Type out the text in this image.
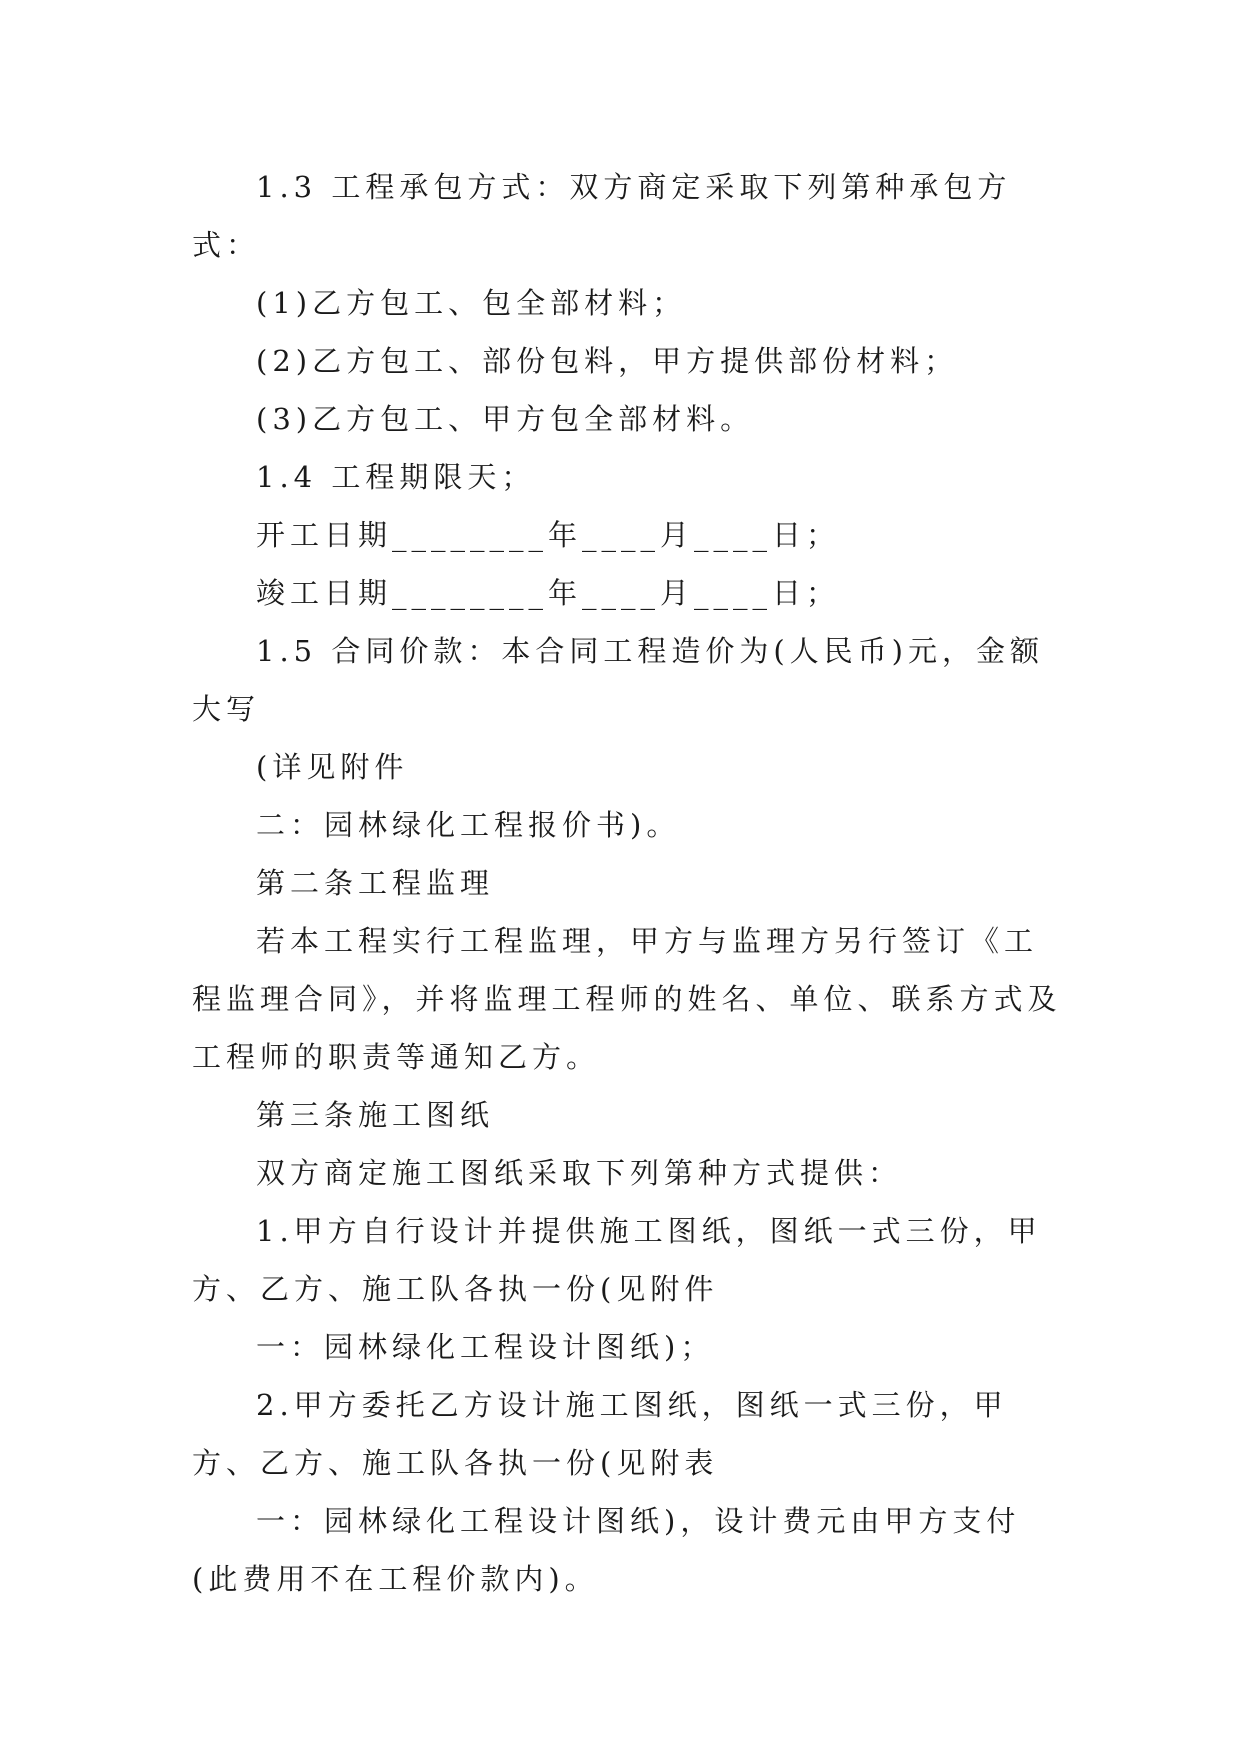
1.3 工程承包方式：双方商定采取下列第种承包方式：

(1)乙方包工、包全部材料；

(2)乙方包工、部份包料，甲方提供部份材料；

(3)乙方包工、甲方包全部材料。

1.4 工程期限天；

开工日期________年____月____日；

竣工日期________年____月____日；

1.5 合同价款：本合同工程造价为(人民币)元，金额大写

(详见附件

二：园林绿化工程报价书)。

第二条工程监理

若本工程实行工程监理，甲方与监理方另行签订《工程监理合同》，并将监理工程师的姓名、单位、联系方式及工程师的职责等通知乙方。

第三条施工图纸

双方商定施工图纸采取下列第种方式提供：

1.甲方自行设计并提供施工图纸，图纸一式三份，甲方、乙方、施工队各执一份(见附件

一：园林绿化工程设计图纸)；

2.甲方委托乙方设计施工图纸，图纸一式三份，甲方、乙方、施工队各执一份(见附表

一：园林绿化工程设计图纸)，设计费元由甲方支付(此费用不在工程价款内)。
